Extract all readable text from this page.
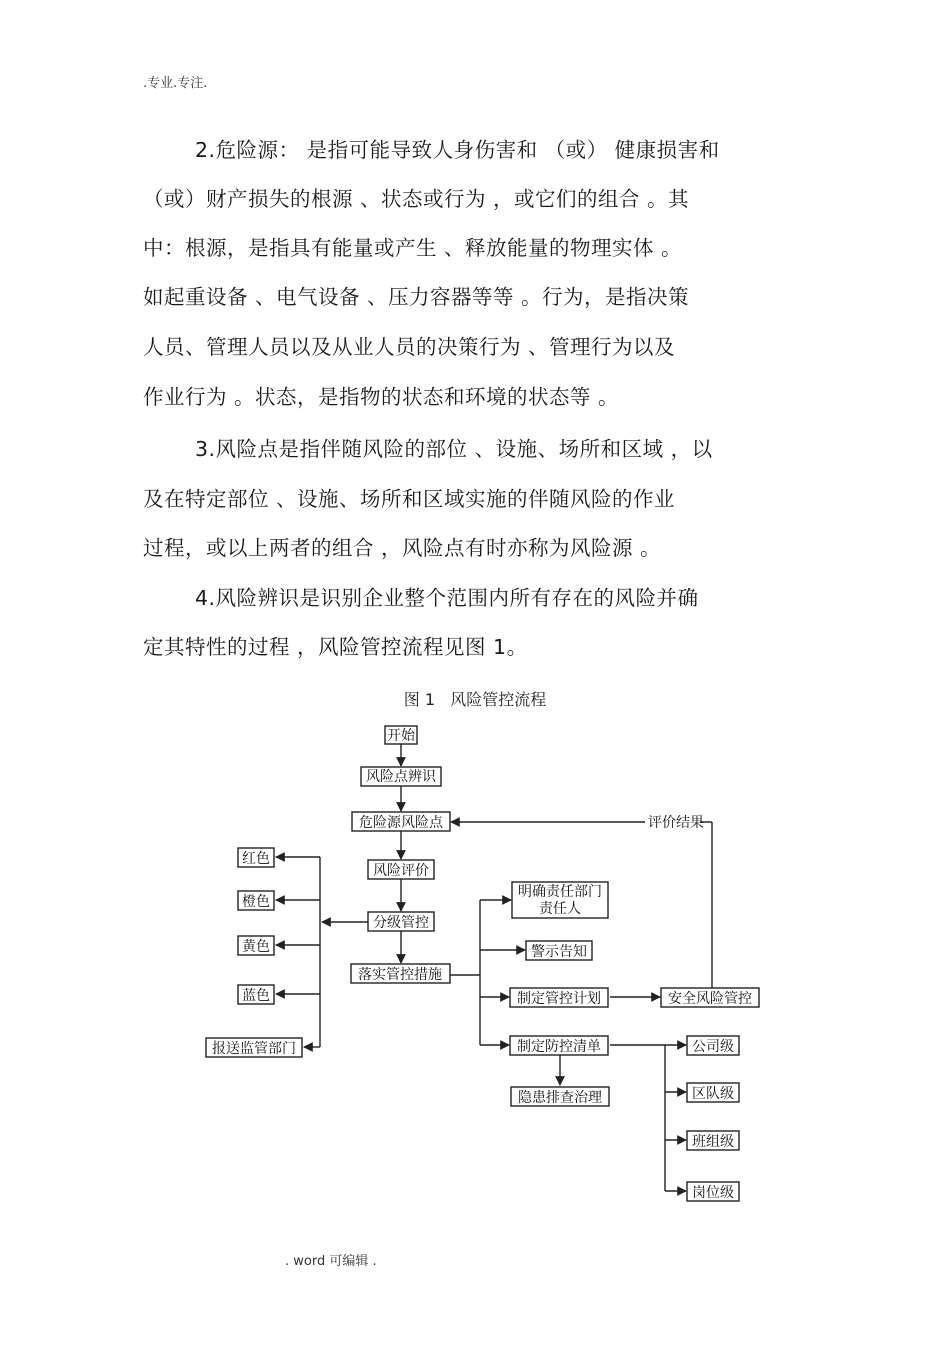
.专业.专注.
2.危险源： 是指可能导致人身伤害和 （或） 健康损害和
（或）财产损失的根源 、状态或行为 ，或它们的组合 。其
中：根源，是指具有能量或产生 、释放能量的物理实体 。
如起重设备 、电气设备 、压力容器等等 。行为，是指决策
人员、管理人员以及从业人员的决策行为 、管理行为以及
作业行为 。状态，是指物的状态和环境的状态等 。
3.风险点是指伴随风险的部位 、设施、场所和区域 ，以
及在特定部位 、设施、场所和区域实施的伴随风险的作业
过程，或以上两者的组合 ，风险点有时亦称为风险源 。
4.风险辨识是识别企业整个范围内所有存在的风险并确
定其特性的过程 ，风险管控流程见图 1。
图 1   风险管控流程
开始
风险点辨识
危险源风险点
风险评价
分级管控
落实管控措施
红色
橙色
黄色
蓝色
报送监管部门
明确责任部门
责任人
警示告知
制定管控计划	安全风险管控
制定防控清单
隐患排查治理
公司级
区队级
班组级
岗位级
评价结果
. word 可编辑 .
